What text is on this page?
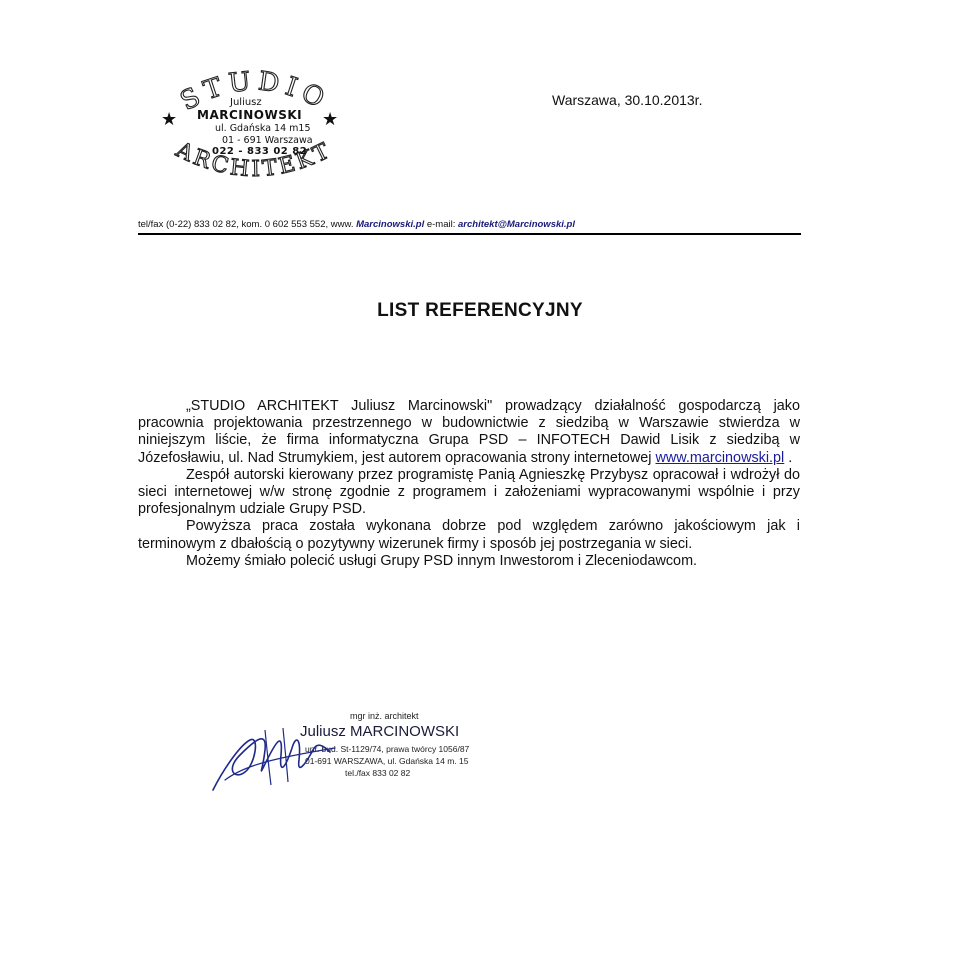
STUDIO
ARCHITEKT
★	★
Juliusz
MARCINOWSKI
ul. Gdańska 14 m15
01 - 691 Warszawa
022 - 833 02 82
Warszawa, 30.10.2013r.
tel/fax (0-22) 833 02 82, kom. 0 602 553 552, www. Marcinowski.pl e-mail: architekt@Marcinowski.pl
LIST REFERENCYJNY

„STUDIO ARCHITEKT Juliusz Marcinowski" prowadzący działalność gospodarczą jako pracownia projektowania przestrzennego w budownictwie z siedzibą w Warszawie stwierdza w niniejszym liście, że firma informatyczna Grupa PSD – INFOTECH Dawid Lisik z siedzibą w Józefosławiu, ul. Nad Strumykiem, jest autorem opracowania strony internetowej www.marcinowski.pl .

Zespół autorski kierowany przez programistę Panią Agnieszkę Przybysz opracował i wdrożył do sieci internetowej w/w stronę zgodnie z programem i założeniami wypracowanymi wspólnie i przy profesjonalnym udziale Grupy PSD.

Powyższa praca została wykonana dobrze pod względem zarówno jakościowym jak i terminowym z dbałością o pozytywny wizerunek firmy i sposób jej postrzegania w sieci.

Możemy śmiało polecić usługi Grupy PSD innym Inwestorom i Zleceniodawcom.

mgr inż. architekt
Juliusz MARCINOWSKI
upr. bud. St-1129/74, prawa twórcy 1056/87
01-691 WARSZAWA, ul. Gdańska 14 m. 15
tel./fax 833 02 82
